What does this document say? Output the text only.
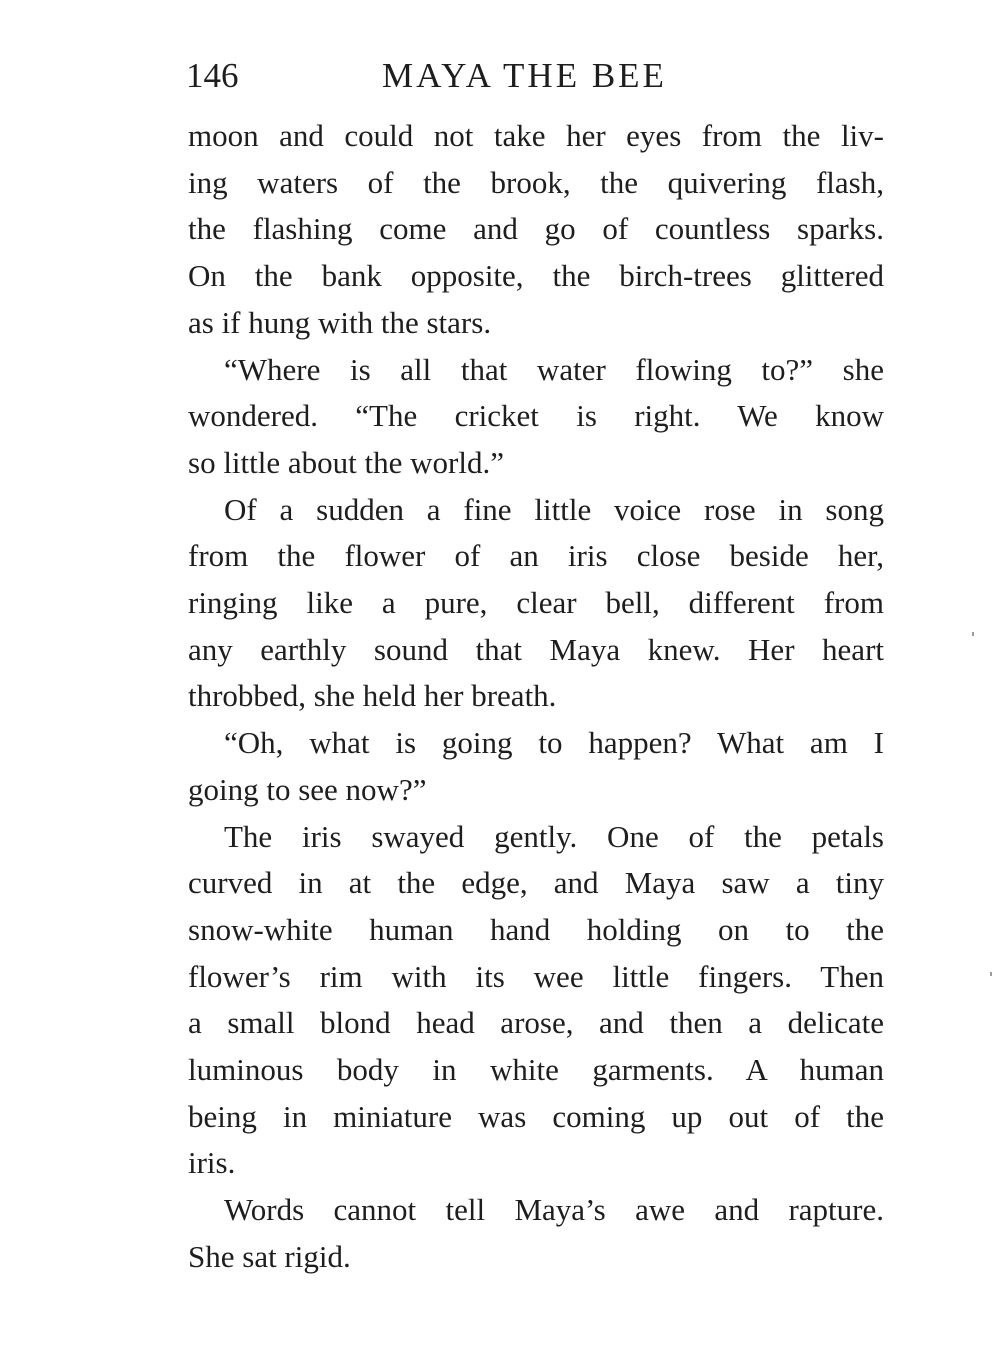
146	MAYA THE BEE
moon and could not take her eyes from the liv-
ing waters of the brook, the quivering flash,
the flashing come and go of countless sparks.
On the bank opposite, the birch-trees glittered
as if hung with the stars.
“Where is all that water flowing to?” she
wondered. “The cricket is right. We know
so little about the world.”
Of a sudden a fine little voice rose in song
from the flower of an iris close beside her,
ringing like a pure, clear bell, different from
any earthly sound that Maya knew. Her heart
throbbed, she held her breath.
“Oh, what is going to happen? What am I
going to see now?”
The iris swayed gently. One of the petals
curved in at the edge, and Maya saw a tiny
snow-white human hand holding on to the
flower’s rim with its wee little fingers. Then
a small blond head arose, and then a delicate
luminous body in white garments. A human
being in miniature was coming up out of the
iris.
Words cannot tell Maya’s awe and rapture.
She sat rigid.
